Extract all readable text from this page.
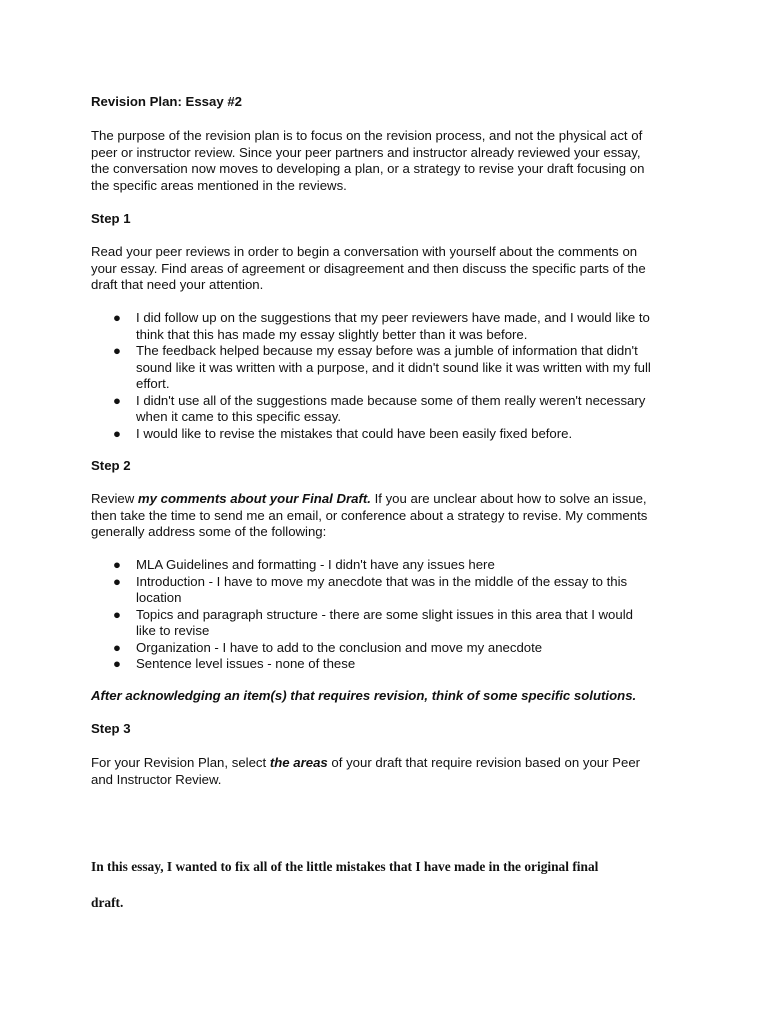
Revision Plan: Essay #2
The purpose of the revision plan is to focus on the revision process, and not the physical act of
peer or instructor review. Since your peer partners and instructor already reviewed your essay,
the conversation now moves to developing a plan, or a strategy to revise your draft focusing on
the specific areas mentioned in the reviews.
Step 1
Read your peer reviews in order to begin a conversation with yourself about the comments on
your essay. Find areas of agreement or disagreement and then discuss the specific parts of the
draft that need your attention.
● I did follow up on the suggestions that my peer reviewers have made, and I would like to
think that this has made my essay slightly better than it was before.
● The feedback helped because my essay before was a jumble of information that didn't
sound like it was written with a purpose, and it didn't sound like it was written with my full
effort.
● I didn't use all of the suggestions made because some of them really weren't necessary
when it came to this specific essay.
● I would like to revise the mistakes that could have been easily fixed before.
Step 2
Review my comments about your Final Draft. If you are unclear about how to solve an issue,
then take the time to send me an email, or conference about a strategy to revise. My comments
generally address some of the following:
● MLA Guidelines and formatting - I didn't have any issues here
● Introduction - I have to move my anecdote that was in the middle of the essay to this
location
● Topics and paragraph structure - there are some slight issues in this area that I would
like to revise
● Organization - I have to add to the conclusion and move my anecdote
● Sentence level issues - none of these
After acknowledging an item(s) that requires revision, think of some specific solutions.
Step 3
For your Revision Plan, select the areas of your draft that require revision based on your Peer
and Instructor Review.
In this essay, I wanted to fix all of the little mistakes that I have made in the original final
draft.
